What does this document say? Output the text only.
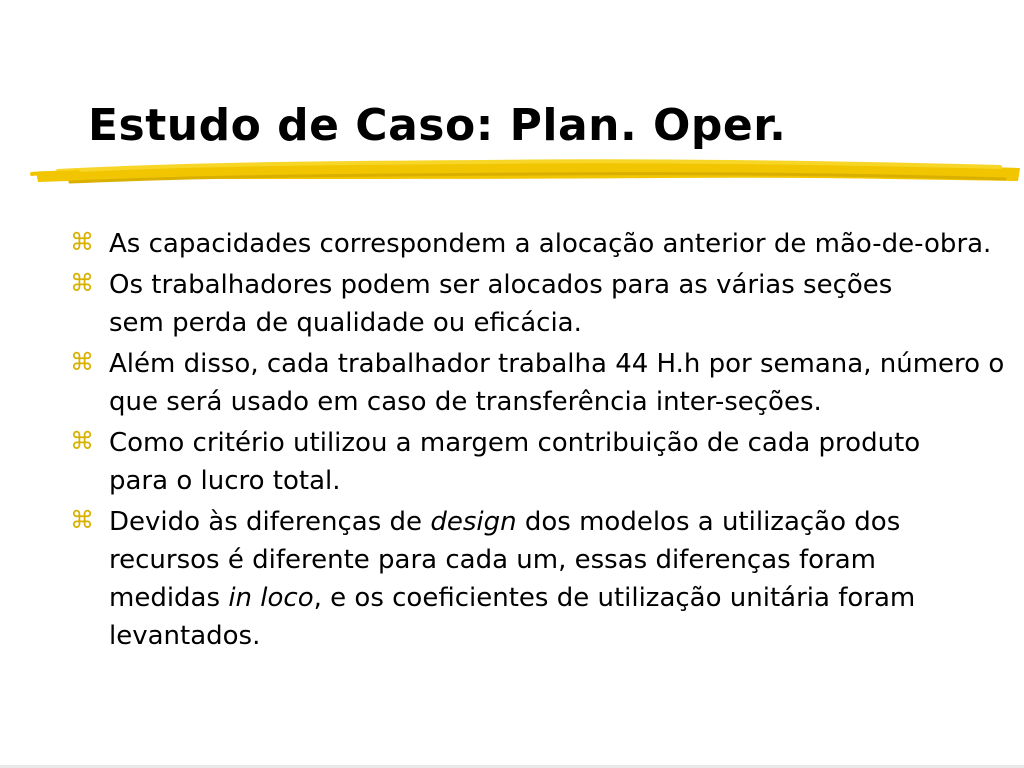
Estudo de Caso: Plan. Oper.
⌘ As capacidades correspondem a alocação anterior de mão-de-obra.
⌘ Os trabalhadores podem ser alocados para as várias seções sem perda de qualidade ou eficácia.
⌘ Além disso, cada trabalhador trabalha 44 H.h por semana, número o que será usado em caso de transferência inter-seções.
⌘ Como critério utilizou a margem contribuição de cada produto para o lucro total.
⌘ Devido às diferenças de design dos modelos a utilização dos recursos é diferente para cada um, essas diferenças foram medidas in loco, e os coeficientes de utilização unitária foram levantados.
